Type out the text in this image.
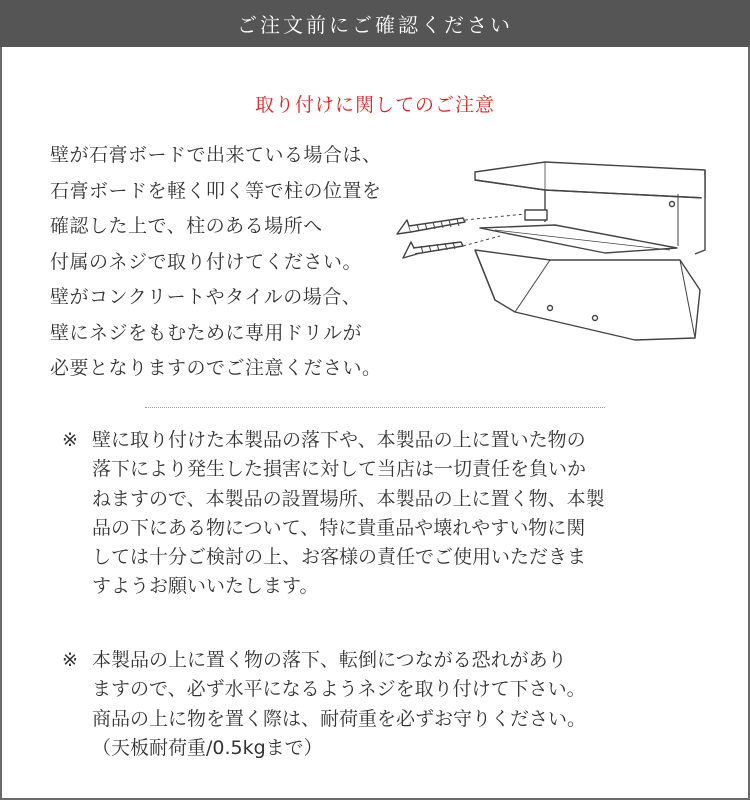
ご注文前にご確認ください
取り付けに関してのご注意
壁が石膏ボードで出来ている場合は、
石膏ボードを軽く叩く等で柱の位置を
確認した上で、柱のある場所へ
付属のネジで取り付けてください。
壁がコンクリートやタイルの場合、
壁にネジをもむために専用ドリルが
必要となりますのでご注意ください。
※ 壁に取り付けた本製品の落下や、本製品の上に置いた物の
落下により発生した損害に対して当店は一切責任を負いか
ねますので、本製品の設置場所、本製品の上に置く物、本製
品の下にある物について、特に貴重品や壊れやすい物に関
しては十分ご検討の上、お客様の責任でご使用いただきま
すようお願いいたします。
※ 本製品の上に置く物の落下、転倒につながる恐れがあり
ますので、必ず水平になるようネジを取り付けて下さい。
商品の上に物を置く際は、耐荷重を必ずお守りください。
（天板耐荷重/0.5kgまで）
